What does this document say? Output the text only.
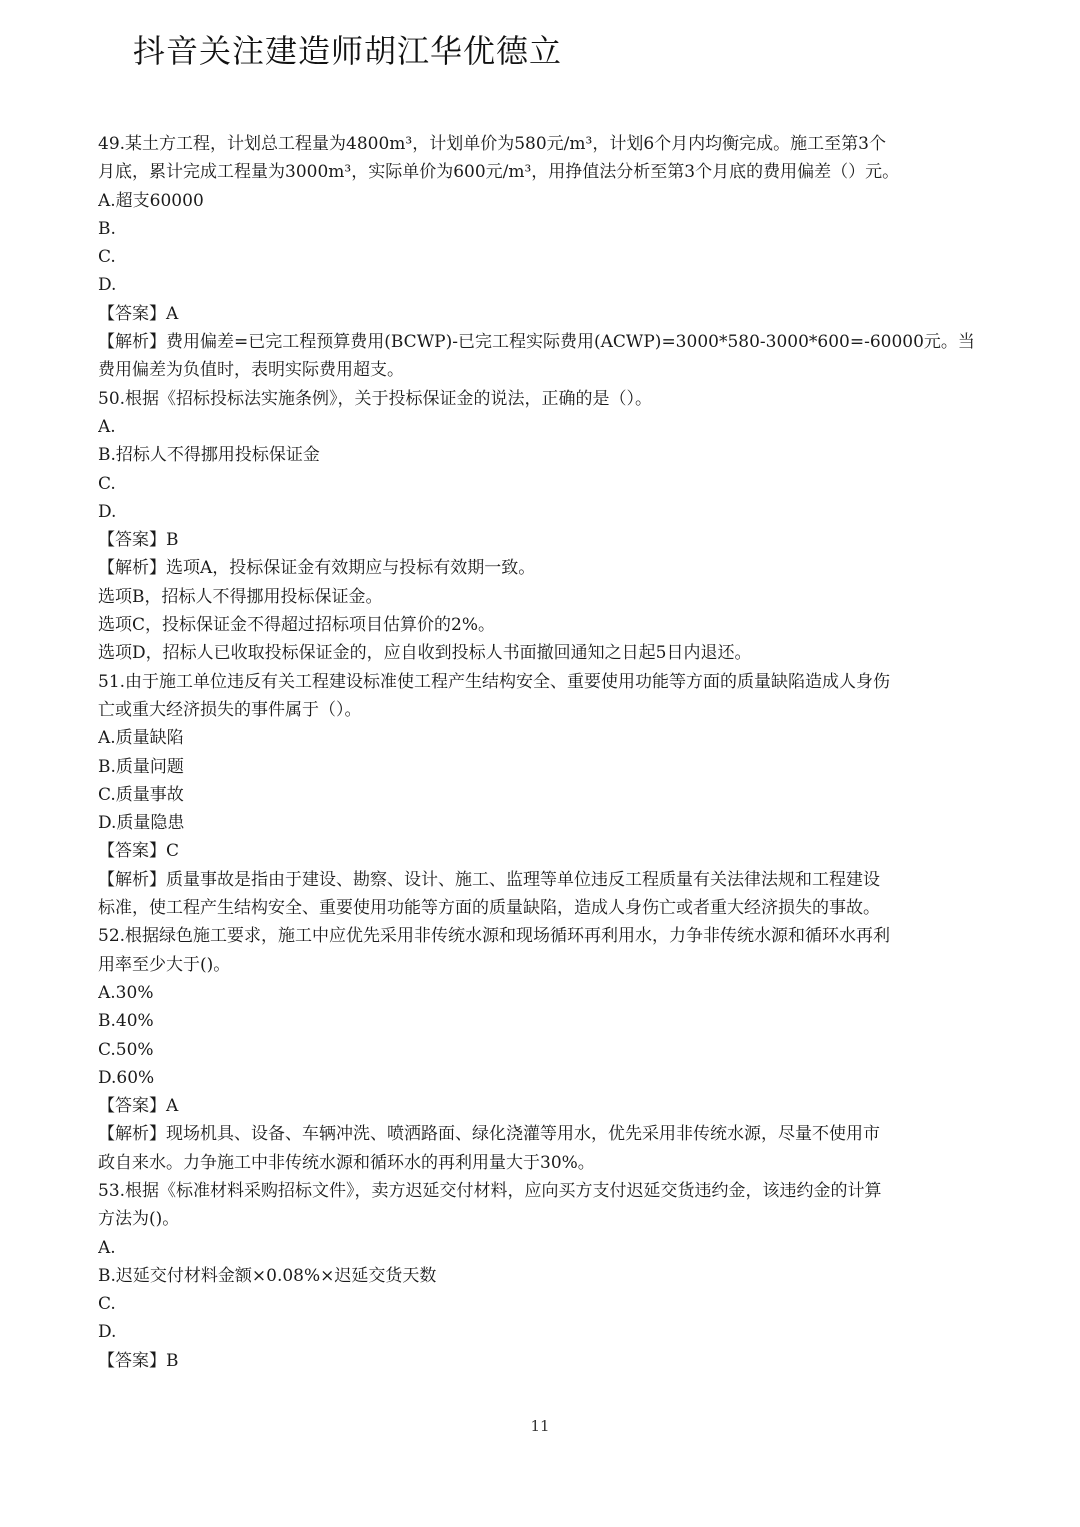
抖音关注建造师胡江华优德立
49.某土方工程，计划总工程量为4800m³，计划单价为580元/m³，计划6个月内均衡完成。施工至第3个
月底，累计完成工程量为3000m³，实际单价为600元/m³，用挣值法分析至第3个月底的费用偏差（）元。
A.超支60000
B.
C.
D.
【答案】A
【解析】费用偏差=已完工程预算费用(BCWP)-已完工程实际费用(ACWP)=3000*580-3000*600=-60000元。当
费用偏差为负值时，表明实际费用超支。
50.根据《招标投标法实施条例》，关于投标保证金的说法，正确的是（）。
A.
B.招标人不得挪用投标保证金
C.
D.
【答案】B
【解析】选项A，投标保证金有效期应与投标有效期一致。
选项B，招标人不得挪用投标保证金。
选项C，投标保证金不得超过招标项目估算价的2%。
选项D，招标人已收取投标保证金的，应自收到投标人书面撤回通知之日起5日内退还。
51.由于施工单位违反有关工程建设标准使工程产生结构安全、重要使用功能等方面的质量缺陷造成人身伤
亡或重大经济损失的事件属于（）。
A.质量缺陷
B.质量问题
C.质量事故
D.质量隐患
【答案】C
【解析】质量事故是指由于建设、勘察、设计、施工、监理等单位违反工程质量有关法律法规和工程建设
标准，使工程产生结构安全、重要使用功能等方面的质量缺陷，造成人身伤亡或者重大经济损失的事故。
52.根据绿色施工要求，施工中应优先采用非传统水源和现场循环再利用水，力争非传统水源和循环水再利
用率至少大于()。
A.30%
B.40%
C.50%
D.60%
【答案】A
【解析】现场机具、设备、车辆冲洗、喷洒路面、绿化浇灌等用水，优先采用非传统水源，尽量不使用市
政自来水。力争施工中非传统水源和循环水的再利用量大于30%。
53.根据《标准材料采购招标文件》，卖方迟延交付材料，应向买方支付迟延交货违约金，该违约金的计算
方法为()。
A.
B.迟延交付材料金额×0.08%×迟延交货天数
C.
D.
【答案】B
11
